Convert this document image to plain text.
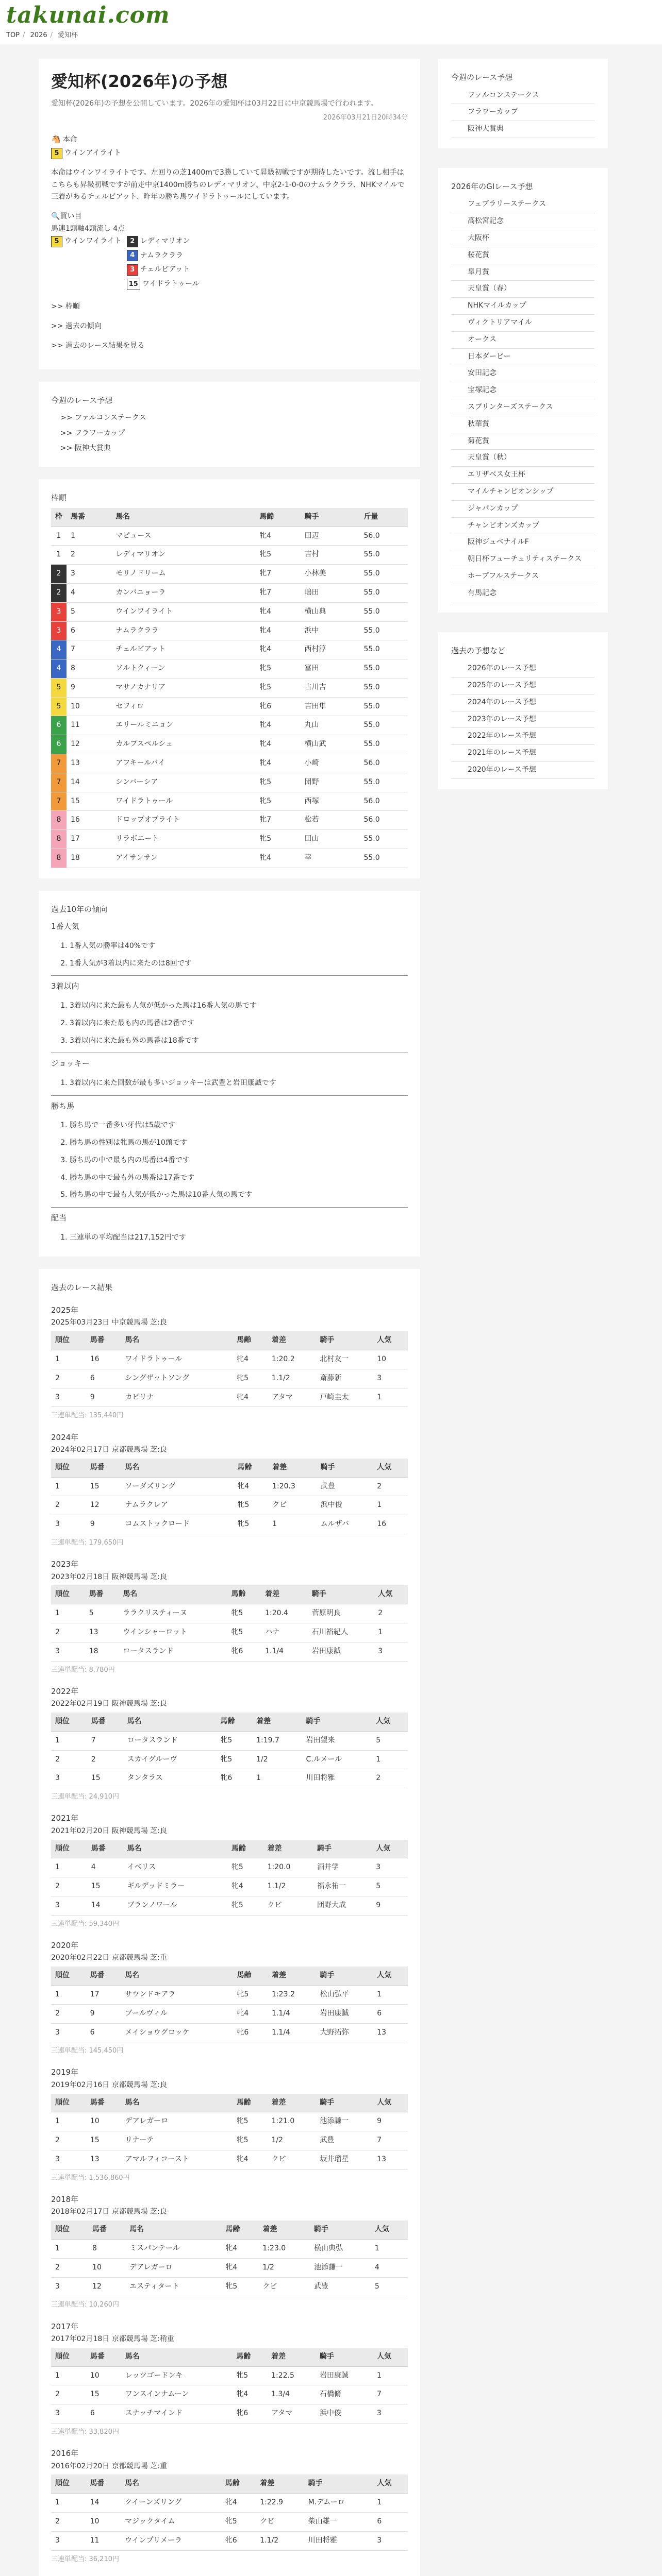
takunai.com
TOP / 2026 / 愛知杯
愛知杯(2026年)の予想

愛知杯(2026年)の予想を公開しています。2026年の愛知杯は03月22日に中京競馬場で行われます。

2026年03月21日20時34分

🐴 本命
5 ウインアイライト

本命はウインワイライトです。左回りの芝1400mで3勝していて昇級初戦ですが期待したいです。流し相手はこちらも昇級初戦ですが前走中京1400m勝ちのレディマリオン、中京2-1-0-0のナムラクララ、NHKマイルで三着があるチェルビアット、昨年の勝ち馬ワイドラトゥールにしています。

🔍買い目
馬連1頭軸4頭流し 4点
5 ウインワイライト	2 レディマリオン
4 ナムラクララ
3 チェルビアット
15 ワイドラトゥール
>> 枠順
>> 過去の傾向
>> 過去のレース結果を見る
今週のレース予想
>> ファルコンステークス
>> フラワーカップ
>> 阪神大賞典
枠順
枠	馬番	馬名	馬齢	騎手	斤量
1	1	マピュース	牝4	田辺	56.0
1	2	レディマリオン	牝5	吉村	55.0
2	3	モリノドリーム	牝7	小林美	55.0
2	4	カンパニョーラ	牝7	嶋田	55.0
3	5	ウインワイライト	牝4	横山典	55.0
3	6	ナムラクララ	牝4	浜中	55.0
4	7	チェルビアット	牝4	西村淳	55.0
4	8	ソルトクィーン	牝5	富田	55.0
5	9	マサノカナリア	牝5	古川吉	55.0
5	10	セフィロ	牝6	吉田隼	55.0
6	11	エリールミニョン	牝4	丸山	55.0
6	12	カルプスペルシュ	牝4	横山武	55.0
7	13	アフキールバイ	牝4	小崎	56.0
7	14	シンバーシア	牝5	団野	55.0
7	15	ワイドラトゥール	牝5	西塚	56.0
8	16	ドロップオブライト	牝7	松若	56.0
8	17	リラボニート	牝5	田山	55.0
8	18	アイサンサン	牝4	幸	55.0
過去10年の傾向
1番人気
1. 1番人気の勝率は40%です
2. 1番人気が3着以内に来たのは8回です
3着以内
1. 3着以内に来た最も人気が低かった馬は16番人気の馬です
2. 3着以内に来た最も内の馬番は2番です
3. 3着以内に来た最も外の馬番は18番です
ジョッキー
1. 3着以内に来た回数が最も多いジョッキーは武豊と岩田康誠です
勝ち馬
1. 勝ち馬で一番多い牙代は5歳です
2. 勝ち馬の性別は牝馬の馬が10頭です
3. 勝ち馬の中で最も内の馬番は4番です
4. 勝ち馬の中で最も外の馬番は17番です
5. 勝ち馬の中で最も人気が低かった馬は10番人気の馬です
配当
1. 三連単の平均配当は217,152円です
過去のレース結果
2025年
2025年03月23日 中京競馬場 芝:良
順位	馬番	馬名	馬齢	着差	騎手	人気
1	16	ワイドラトゥール	牝4	1:20.2	北村友一	10
2	6	シングザットソング	牝5	1.1/2	斎藤新	3
3	9	カピリナ	牝4	アタマ	戸崎圭太	1
三連単配当: 135,440円
2024年
2024年02月17日 京都競馬場 芝:良
順位	馬番	馬名	馬齢	着差	騎手	人気
1	15	ソーダズリング	牝4	1:20.3	武豊	2
2	12	ナムラクレア	牝5	クビ	浜中俊	1
3	9	コムストックロード	牝5	1	ムルザバ	16
三連単配当: 179,650円
2023年
2023年02月18日 阪神競馬場 芝:良
順位	馬番	馬名	馬齢	着差	騎手	人気
1	5	ララクリスティーヌ	牝5	1:20.4	菅原明良	2
2	13	ウインシャーロット	牝5	ハナ	石川裕紀人	1
3	18	ロータスランド	牝6	1.1/4	岩田康誠	3
三連単配当: 8,780円
2022年
2022年02月19日 阪神競馬場 芝:良
順位	馬番	馬名	馬齢	着差	騎手	人気
1	7	ロータスランド	牝5	1:19.7	岩田望来	5
2	2	スカイグルーヴ	牝5	1/2	C.ルメール	1
3	15	タンタラス	牝6	1	川田将雅	2
三連単配当: 24,910円
2021年
2021年02月20日 阪神競馬場 芝:良
順位	馬番	馬名	馬齢	着差	騎手	人気
1	4	イベリス	牝5	1:20.0	酒井学	3
2	15	ギルデッドミラー	牝4	1.1/2	福永祐一	5
3	14	ブランノワール	牝5	クビ	団野大成	9
三連単配当: 59,340円
2020年
2020年02月22日 京都競馬場 芝:重
順位	馬番	馬名	馬齢	着差	騎手	人気
1	17	サウンドキアラ	牝5	1:23.2	松山弘平	1
2	9	ブールヴィル	牝4	1.1/4	岩田康誠	6
3	6	メイショウグロッケ	牝6	1.1/4	大野拓弥	13
三連単配当: 145,450円
2019年
2019年02月16日 京都競馬場 芝:良
順位	馬番	馬名	馬齢	着差	騎手	人気
1	10	デアレガーロ	牝5	1:21.0	池添謙一	9
2	15	リナーテ	牝5	1/2	武豊	7
3	13	アマルフィコースト	牝4	クビ	坂井瑠星	13
三連単配当: 1,536,860円
2018年
2018年02月17日 京都競馬場 芝:良
順位	馬番	馬名	馬齢	着差	騎手	人気
1	8	ミスパンテール	牝4	1:23.0	横山典弘	1
2	10	デアレガーロ	牝4	1/2	池添謙一	4
3	12	エスティタート	牝5	クビ	武豊	5
三連単配当: 10,260円
2017年
2017年02月18日 京都競馬場 芝:稍重
順位	馬番	馬名	馬齢	着差	騎手	人気
1	10	レッツゴードンキ	牝5	1:22.5	岩田康誠	1
2	15	ワンスインナムーン	牝4	1.3/4	石橋脩	7
3	6	スナッチマインド	牝6	アタマ	浜中俊	3
三連単配当: 33,820円
2016年
2016年02月20日 京都競馬場 芝:重
順位	馬番	馬名	馬齢	着差	騎手	人気
1	14	クイーンズリング	牝4	1:22.9	M.デムーロ	1
2	10	マジックタイム	牝5	クビ	柴山雄一	6
3	11	ウインプリメーラ	牝6	1.1/2	川田将雅	3
三連単配当: 36,210円
今週のレース予想
ファルコンステークス
フラワーカップ
阪神大賞典
2026年のGIレース予想
フェブラリーステークス
高松宮記念
大阪杯
桜花賞
皐月賞
天皇賞（春）
NHKマイルカップ
ヴィクトリアマイル
オークス
日本ダービー
安田記念
宝塚記念
スプリンターズステークス
秋華賞
菊花賞
天皇賞（秋）
エリザベス女王杯
マイルチャンピオンシップ
ジャパンカップ
チャンピオンズカップ
阪神ジュベナイルF
朝日杯フューチュリティステークス
ホープフルステークス
有馬記念
過去の予想など
2026年のレース予想
2025年のレース予想
2024年のレース予想
2023年のレース予想
2022年のレース予想
2021年のレース予想
2020年のレース予想
